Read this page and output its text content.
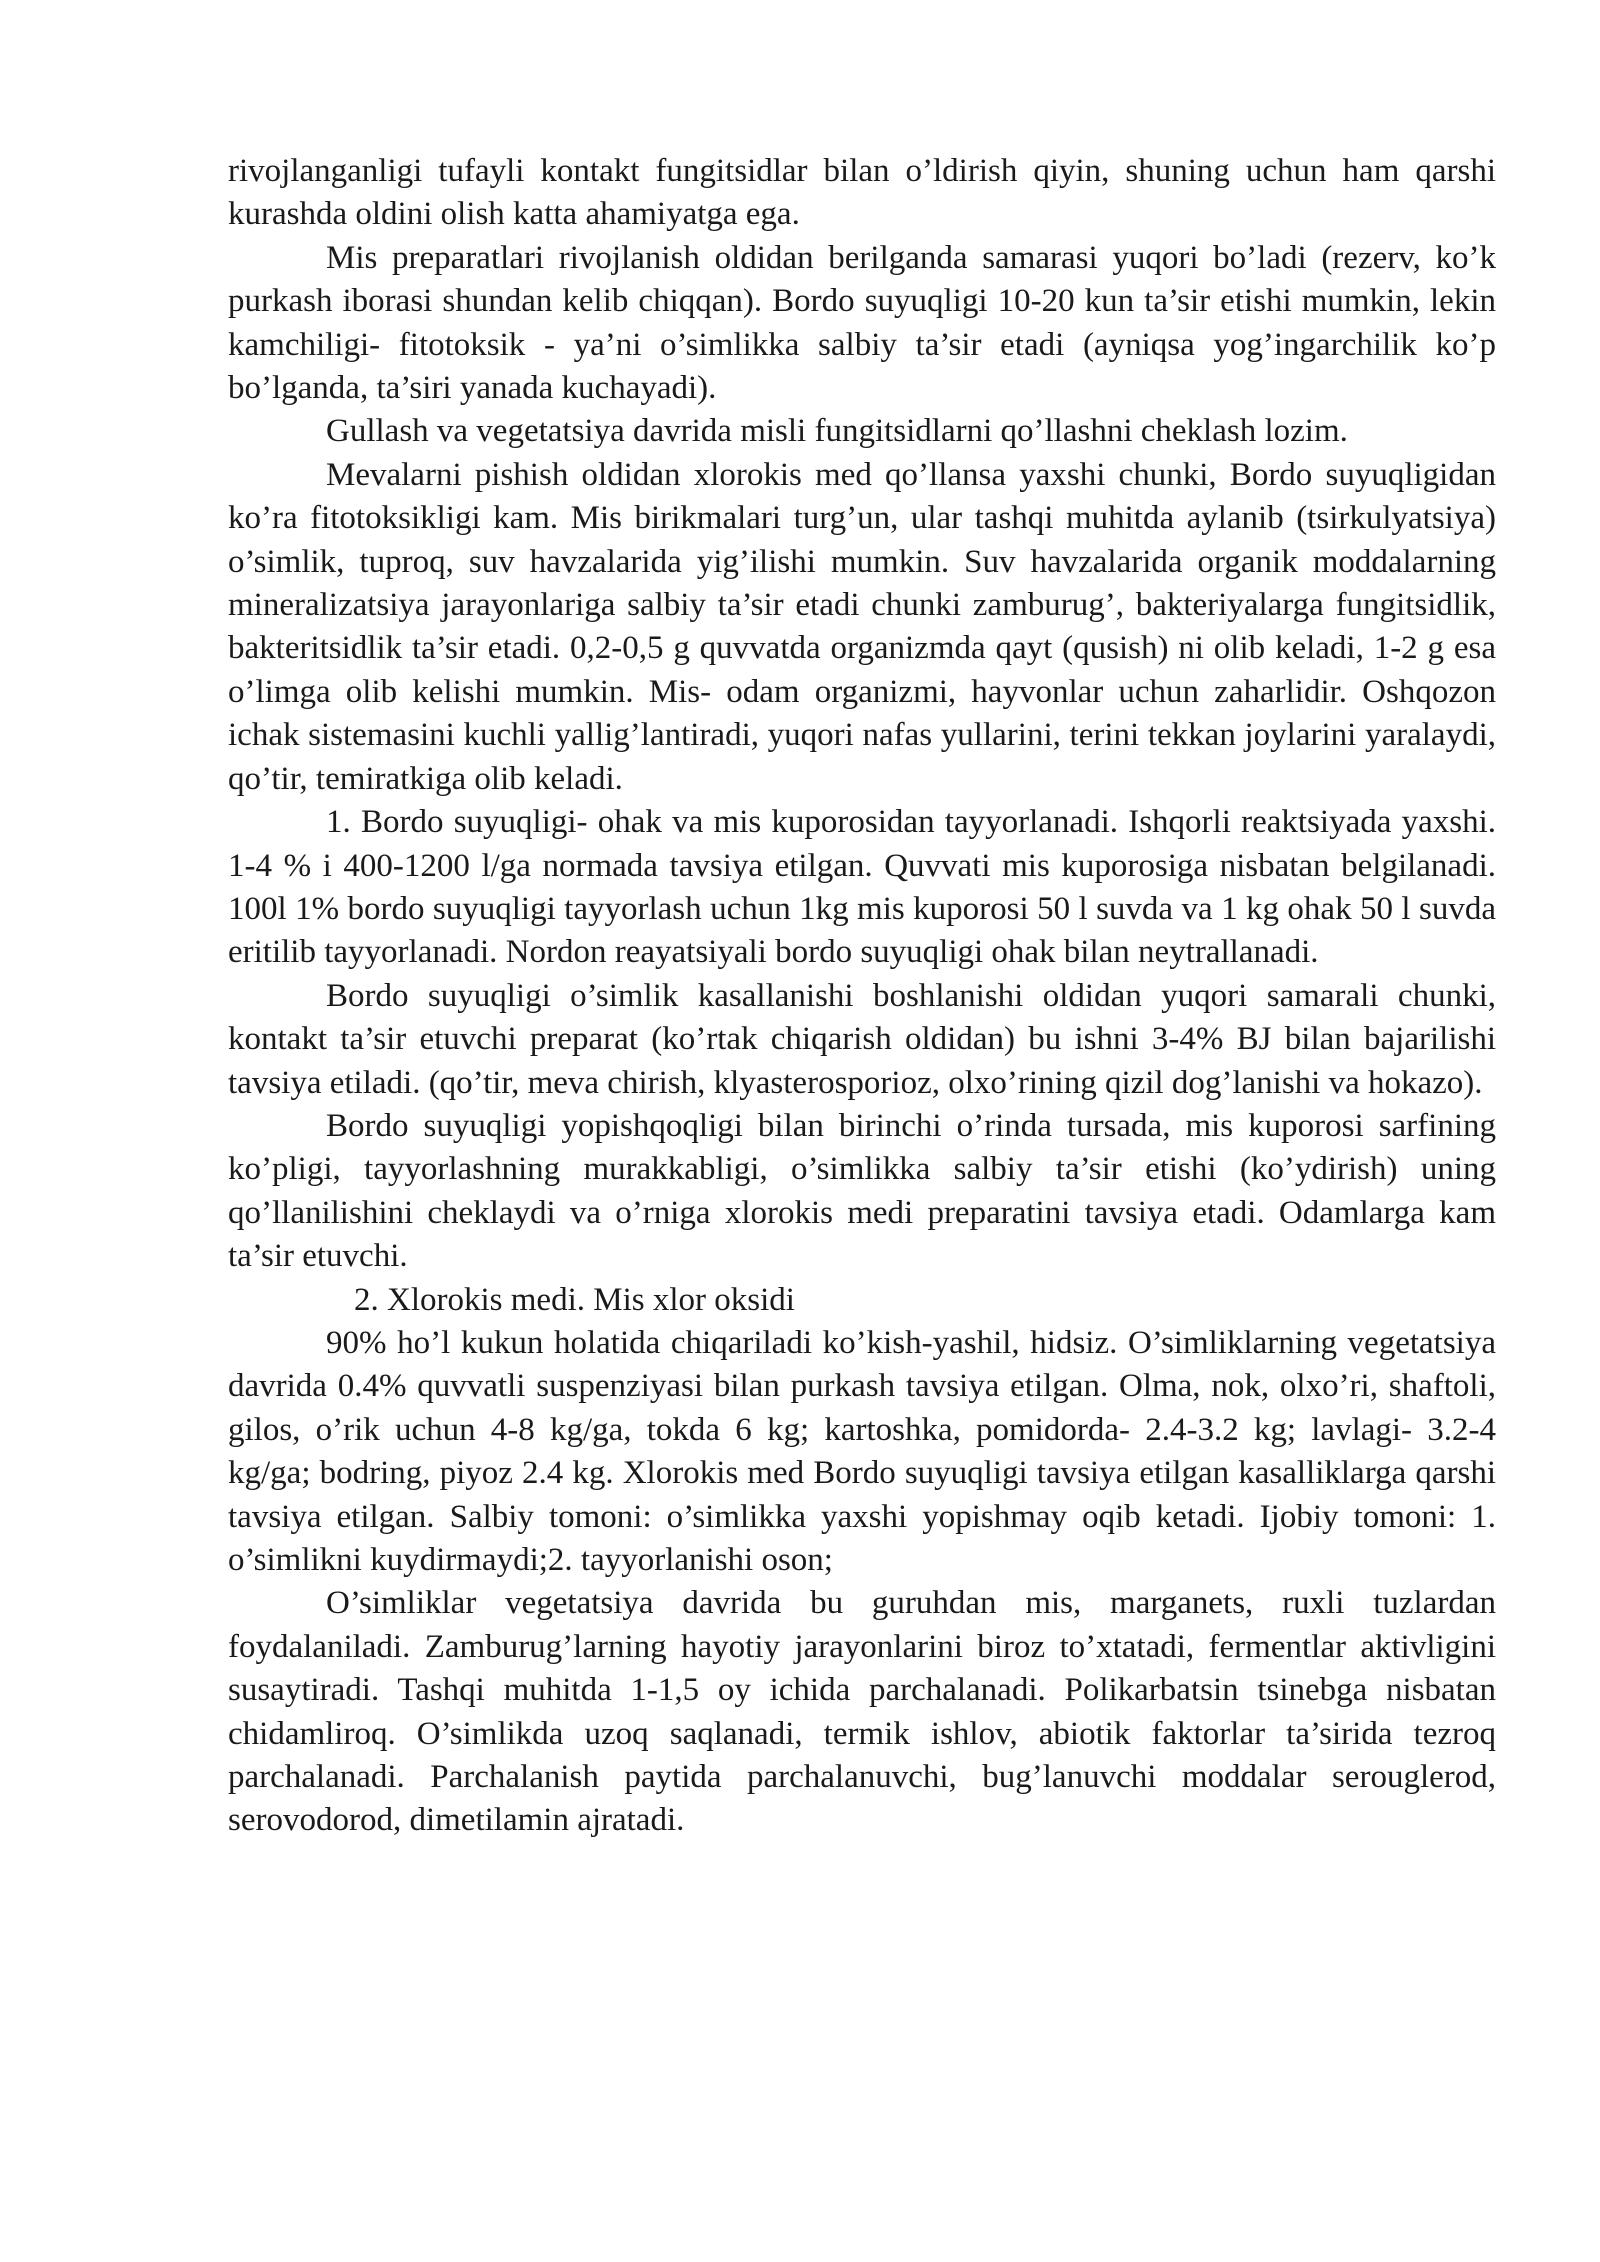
rivojlanganligi tufayli kontakt fungitsidlar bilan o’ldirish qiyin, shuning uchun ham qarshi kurashda oldini olish katta ahamiyatga ega.

Mis preparatlari rivojlanish oldidan berilganda samarasi yuqori bo’ladi (rezerv, ko’k purkash iborasi shundan kelib chiqqan). Bordo suyuqligi 10-20 kun ta’sir etishi mumkin, lekin kamchiligi- fitotoksik - ya’ni o’simlikka salbiy ta’sir etadi (ayniqsa yog’ingarchilik ko’p bo’lganda, ta’siri yanada kuchayadi).

Gullash va vegetatsiya davrida misli fungitsidlarni qo’llashni cheklash lozim.

Mevalarni pishish oldidan xlorokis med qo’llansa yaxshi chunki, Bordo suyuqligidan ko’ra fitotoksikligi kam. Mis birikmalari turg’un, ular tashqi muhitda aylanib (tsirkulyatsiya) o’simlik, tuproq, suv havzalarida yig’ilishi mumkin. Suv havzalarida organik moddalarning mineralizatsiya jarayonlariga salbiy ta’sir etadi chunki zamburug’, bakteriyalarga fungitsidlik, bakteritsidlik ta’sir etadi. 0,2-0,5 g quvvatda organizmda qayt (qusish) ni olib keladi, 1-2 g esa o’limga olib kelishi mumkin. Mis- odam organizmi, hayvonlar uchun zaharlidir. Oshqozon ichak sistemasini kuchli yallig’lantiradi, yuqori nafas yullarini, terini tekkan joylarini yaralaydi, qo’tir, temiratkiga olib keladi.

1. Bordo suyuqligi- ohak va mis kuporosidan tayyorlanadi. Ishqorli reaktsiyada yaxshi. 1-4 % i 400-1200 l/ga normada tavsiya etilgan. Quvvati mis kuporosiga nisbatan belgilanadi. 100l 1% bordo suyuqligi tayyorlash uchun 1kg mis kuporosi 50 l suvda va 1 kg ohak 50 l suvda eritilib tayyorlanadi. Nordon reayatsiyali bordo suyuqligi ohak bilan neytrallanadi.

Bordo suyuqligi o’simlik kasallanishi boshlanishi oldidan yuqori samarali chunki, kontakt ta’sir etuvchi preparat (ko’rtak chiqarish oldidan) bu ishni 3-4% BJ bilan bajarilishi tavsiya etiladi. (qo’tir, meva chirish, klyasterosporioz, olxo’rining qizil dog’lanishi va hokazo).

Bordo suyuqligi yopishqoqligi bilan birinchi o’rinda tursada, mis kuporosi sarfining ko’pligi, tayyorlashning murakkabligi, o’simlikka salbiy ta’sir etishi (ko’ydirish) uning qo’llanilishini cheklaydi va o’rniga xlorokis medi preparatini tavsiya etadi. Odamlarga kam ta’sir etuvchi.

2. Xlorokis medi. Mis xlor oksidi

90% ho’l kukun holatida chiqariladi ko’kish-yashil, hidsiz. O’simliklarning vegetatsiya davrida 0.4% quvvatli suspenziyasi bilan purkash tavsiya etilgan. Olma, nok, olxo’ri, shaftoli, gilos, o’rik uchun 4-8 kg/ga, tokda 6 kg; kartoshka, pomidorda- 2.4-3.2 kg; lavlagi- 3.2-4 kg/ga; bodring, piyoz 2.4 kg. Xlorokis med Bordo suyuqligi tavsiya etilgan kasalliklarga qarshi tavsiya etilgan. Salbiy tomoni: o’simlikka yaxshi yopishmay oqib ketadi. Ijobiy tomoni: 1. o’simlikni kuydirmaydi;2. tayyorlanishi oson;

O’simliklar vegetatsiya davrida bu guruhdan mis, marganets, ruxli tuzlardan foydalaniladi. Zamburug’larning hayotiy jarayonlarini biroz to’xtatadi, fermentlar aktivligini susaytiradi. Tashqi muhitda 1-1,5 oy ichida parchalanadi. Polikarbatsin tsinebga nisbatan chidamliroq. O’simlikda uzoq saqlanadi, termik ishlov, abiotik faktorlar ta’sirida tezroq parchalanadi. Parchalanish paytida parchalanuvchi, bug’lanuvchi moddalar serouglerod, serovodorod, dimetilamin ajratadi.
